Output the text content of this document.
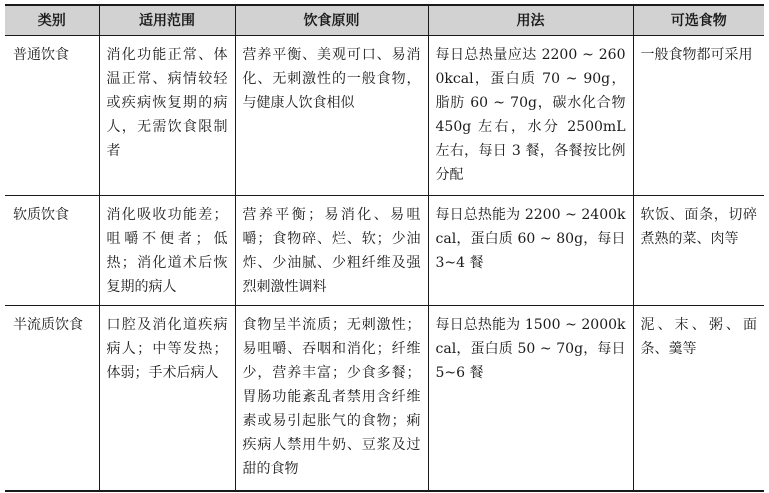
类别	适用范围	饮食原则	用法	可选食物
普通饮食	消化功能正常、体温正常、病情较轻或疾病恢复期的病人，无需饮食限制者	营养平衡、美观可口、易消化、无刺激性的一般食物，与健康人饮食相似	每日总热量应达 2200 ~ 2600kcal，蛋白质 70 ~ 90g，脂肪 60 ~ 70g，碳水化合物 450g 左右，水分 2500mL 左右，每日 3 餐，各餐按比例分配	一般食物都可采用
软质饮食	消化吸收功能差；咀嚼不便者；低热；消化道术后恢复期的病人	营养平衡；易消化、易咀嚼；食物碎、烂、软；少油炸、少油腻、少粗纤维及强烈刺激性调料	每日总热能为 2200 ~ 2400kcal，蛋白质 60 ~ 80g，每日 3~4 餐	软饭、面条，切碎煮熟的菜、肉等
半流质饮食	口腔及消化道疾病病人；中等发热；体弱；手术后病人	食物呈半流质；无刺激性；易咀嚼、吞咽和消化；纤维少，营养丰富；少食多餐；胃肠功能紊乱者禁用含纤维素或易引起胀气的食物；痢疾病人禁用牛奶、豆浆及过甜的食物	每日总热能为 1500 ~ 2000kcal，蛋白质 50 ~ 70g，每日 5~6 餐	泥、末、粥、面条、羹等
